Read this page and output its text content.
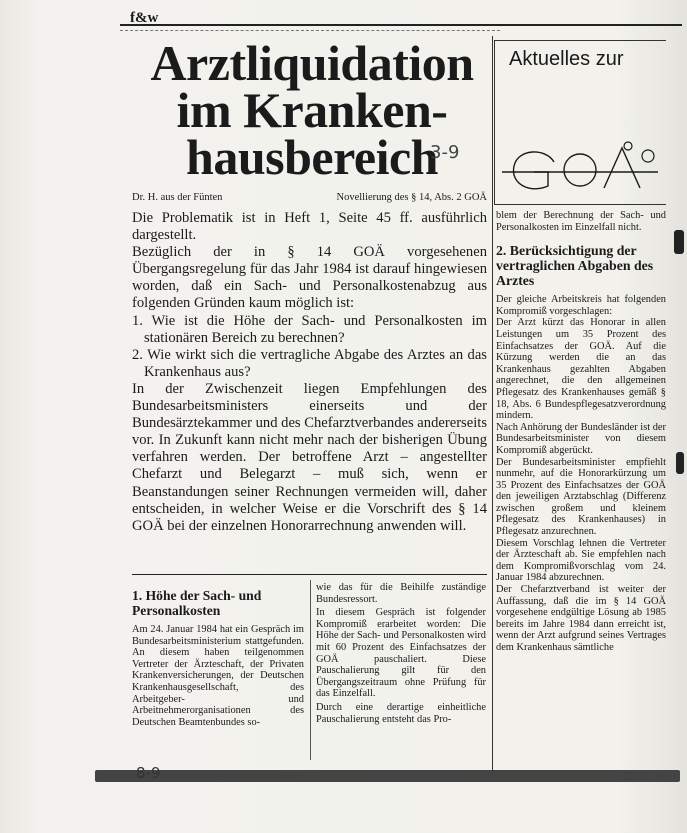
f&w
Arztliquidation
im Kranken-
hausbereich
3-9
Dr. H. aus der Fünten	Novellierung des § 14, Abs. 2 GOÄ

Die Problematik ist in Heft 1, Seite 45 ff. ausführlich dargestellt.

Bezüglich der in § 14 GOÄ vorgesehenen Übergangsregelung für das Jahr 1984 ist darauf hingewiesen worden, daß ein Sach- und Personalkostenabzug aus folgenden Gründen kaum möglich ist:

1. Wie ist die Höhe der Sach- und Personalkosten im stationären Bereich zu berechnen?

2. Wie wirkt sich die vertragliche Abgabe des Arztes an das Krankenhaus aus?

In der Zwischenzeit liegen Empfehlungen des Bundesarbeitsministers einerseits und der Bundesärztekammer und des Chefarztverbandes andererseits vor. In Zukunft kann nicht mehr nach der bisherigen Übung verfahren werden. Der betroffene Arzt – angestellter Chefarzt und Belegarzt – muß sich, wenn er Beanstandungen seiner Rechnungen vermeiden will, daher entscheiden, in welcher Weise er die Vorschrift des § 14 GOÄ bei der einzelnen Honorarrechnung anwenden will.

1. Höhe der Sach- und Personalkosten

Am 24. Januar 1984 hat ein Gespräch im Bundesarbeitsministerium stattgefunden. An diesem haben teilgenommen Vertreter der Ärzteschaft, der Privaten Krankenversicherungen, der Deutschen Krankenhausgesellschaft, des Arbeitgeber- und Arbeitnehmerorganisationen des Deutschen Beamtenbundes so-

wie das für die Beihilfe zuständige Bundesressort.

In diesem Gespräch ist folgender Kompromiß erarbeitet worden: Die Höhe der Sach- und Personalkosten wird mit 60 Prozent des Einfachsatzes der GOÄ pauschaliert. Diese Pauschalierung gilt für den Übergangszeitraum ohne Prüfung für das Einzelfall.

Durch eine derartige einheitliche Pauschalierung entsteht das Pro-

8-9
Aktuelles zur
GOÄ

blem der Berechnung der Sach- und Personalkosten im Einzelfall nicht.

2. Berücksichtigung der vertraglichen Abgaben des Arztes

Der gleiche Arbeitskreis hat folgenden Kompromiß vorgeschlagen:

Der Arzt kürzt das Honorar in allen Leistungen um 35 Prozent des Einfachsatzes der GOÄ. Auf die Kürzung werden die an das Krankenhaus gezahlten Abgaben angerechnet, die den allgemeinen Pflegesatz des Krankenhauses gemäß § 18, Abs. 6 Bundespflegesatzverordnung mindern.

Nach Anhörung der Bundesländer ist der Bundesarbeitsminister von diesem Kompromiß abgerückt.

Der Bundesarbeitsminister empfiehlt nunmehr, auf die Honorarkürzung um 35 Prozent des Einfachsatzes der GOÄ den jeweiligen Arztabschlag (Differenz zwischen großem und kleinem Pflegesatz des Krankenhauses) in Pflegesatz anzurechnen.

Diesem Vorschlag lehnen die Vertreter der Ärzteschaft ab. Sie empfehlen nach dem Kompromißvorschlag vom 24. Januar 1984 abzurechnen.

Der Chefarztverband ist weiter der Auffassung, daß die im § 14 GOÄ vorgesehene endgültige Lösung ab 1985 bereits im Jahre 1984 dann erreicht ist, wenn der Arzt aufgrund seines Vertrages dem Krankenhaus sämtliche
